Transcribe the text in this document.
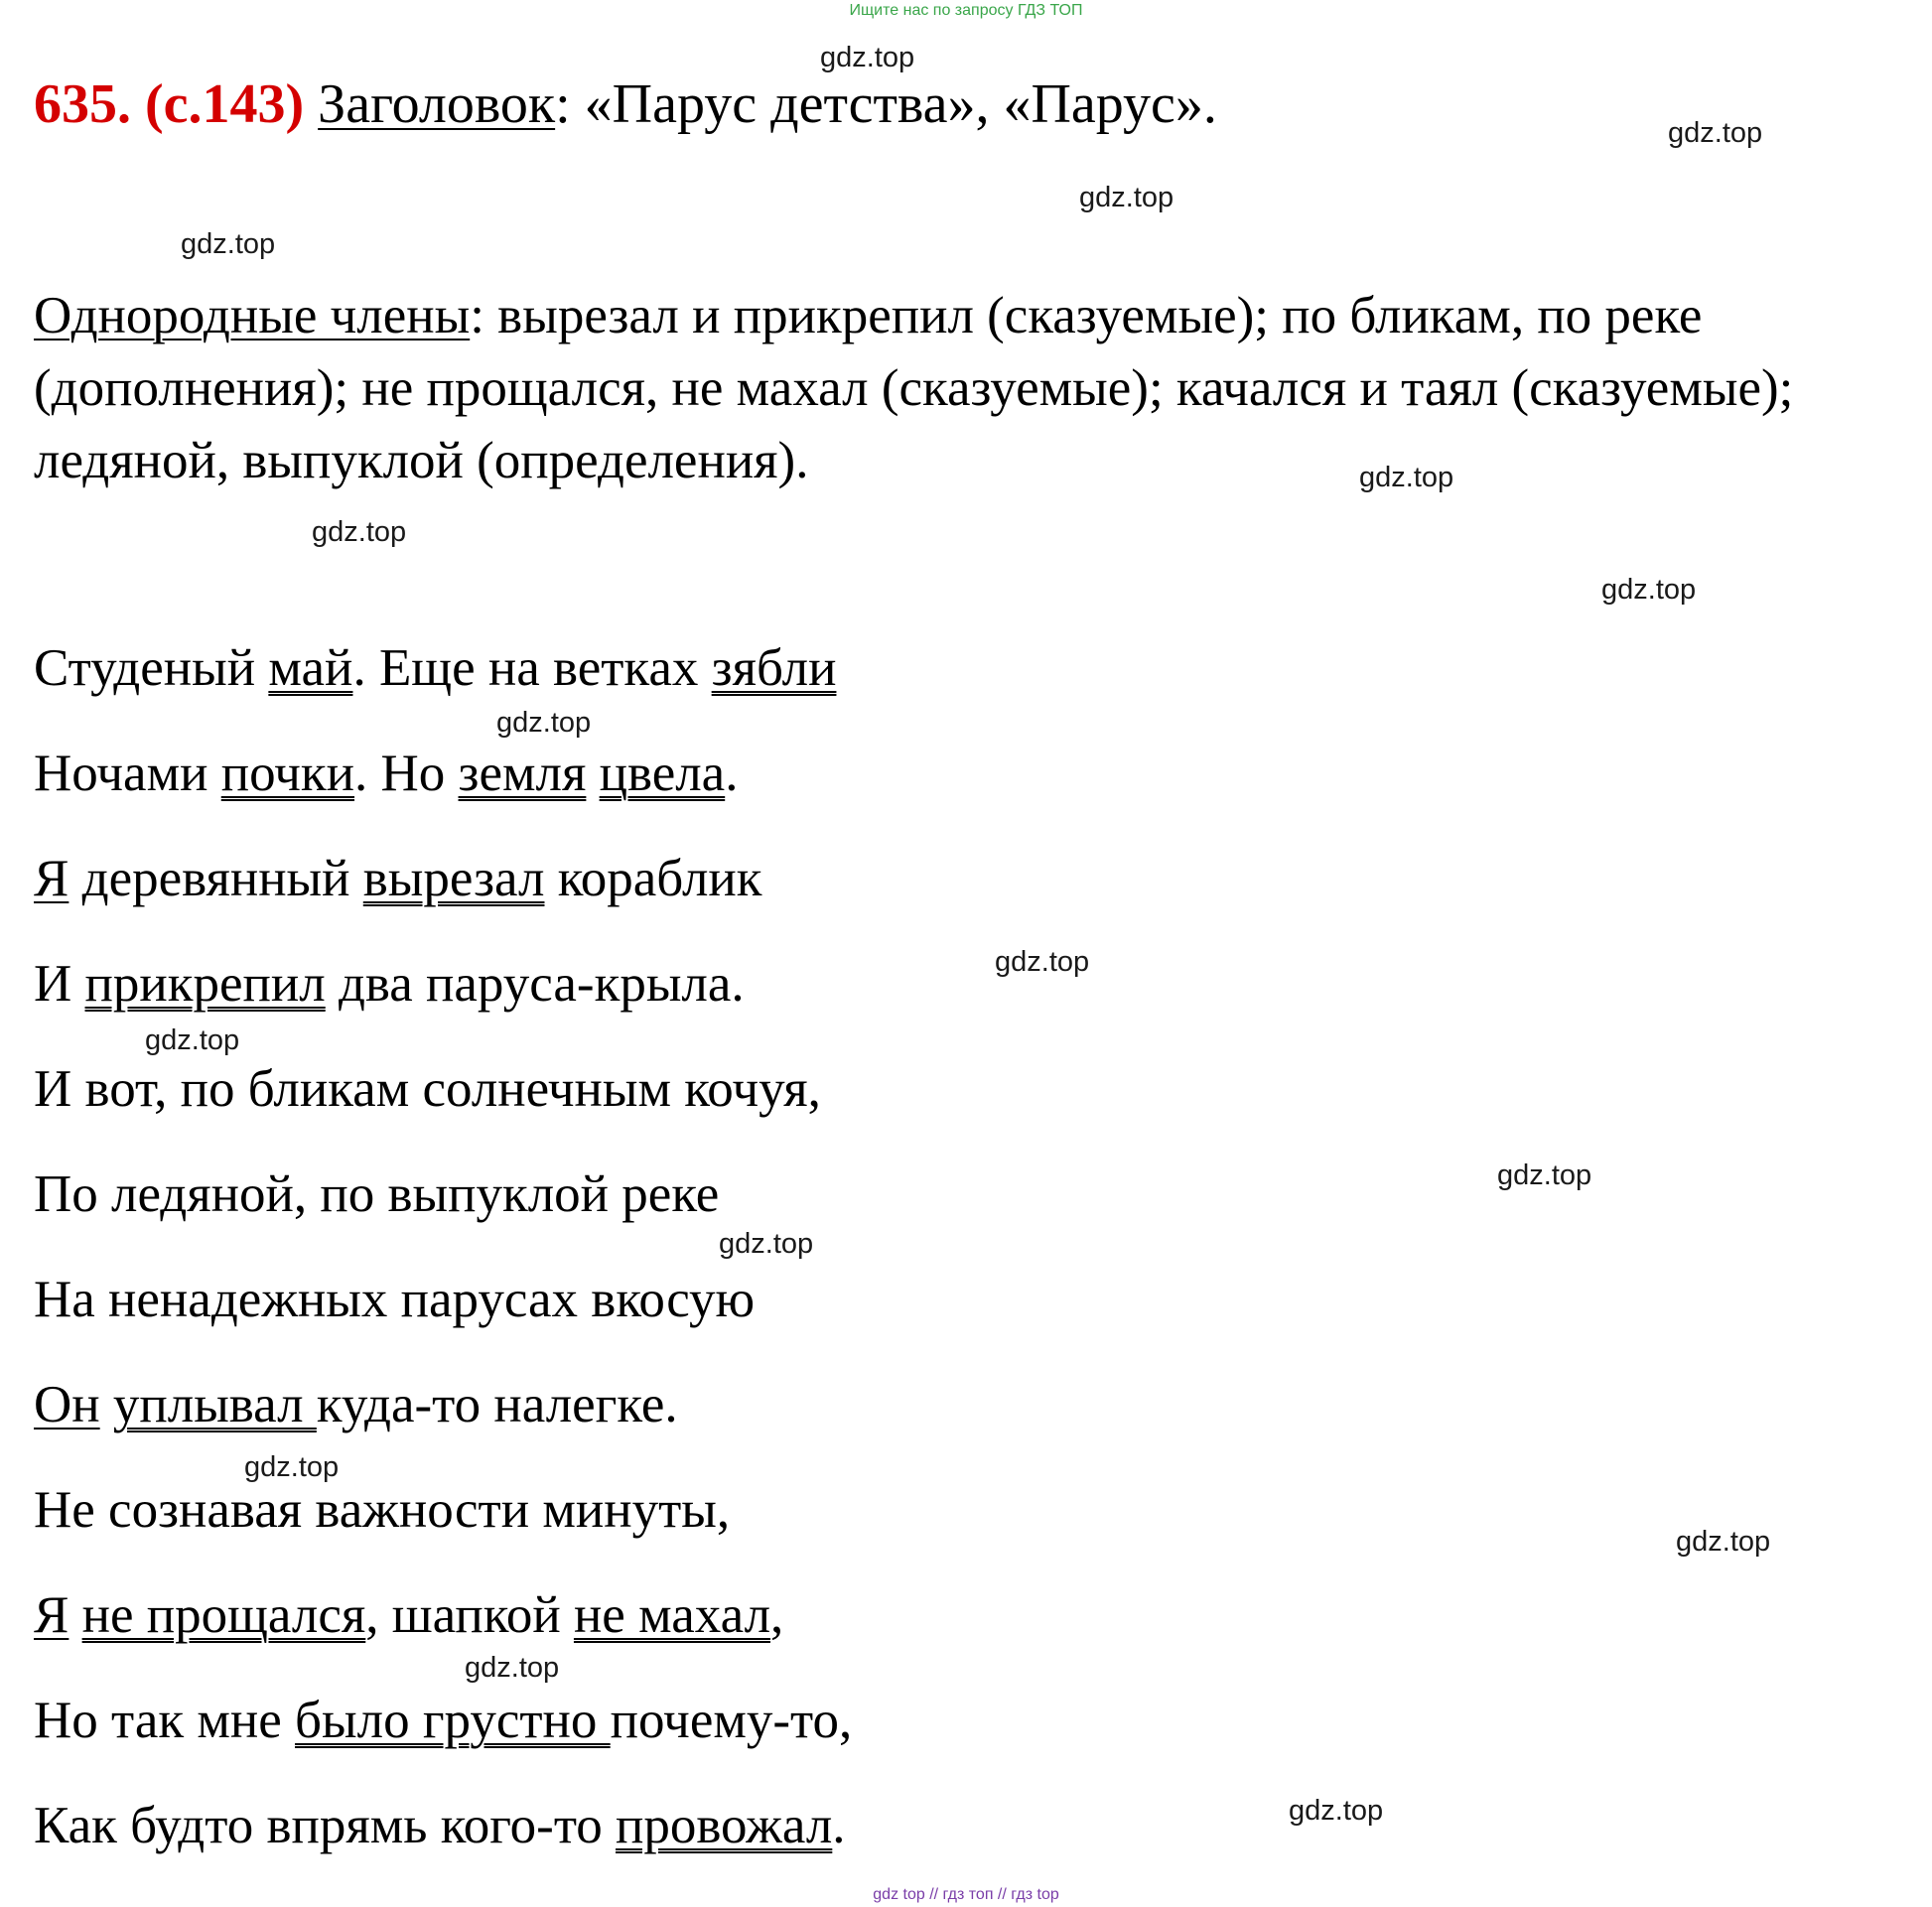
Ищите нас по запросу ГДЗ ТОП
gdz.top
gdz.top
gdz.top
gdz.top
gdz.top
gdz.top
gdz.top
gdz.top
gdz.top
gdz.top
gdz.top
gdz.top
gdz.top
gdz.top
gdz.top
gdz.top
635. (с.143) Заголовок: «Парус детства», «Парус».
Однородные члены: вырезал и прикрепил (сказуемые); по бликам, по реке (дополнения); не прощался, не махал (сказуемые); качался и таял (сказуемые); ледяной, выпуклой (определения).
Студеный май. Еще на ветках зябли
Ночами почки. Но земля цвела.
Я деревянный вырезал кораблик
И прикрепил два паруса-крыла.
И вот, по бликам солнечным кочуя,
По ледяной, по выпуклой реке
На ненадежных парусах вкосую
Он уплывал куда-то налегке.
Не сознавая важности минуты,
Я не прощался, шапкой не махал,
Но так мне было грустно почему-то,
Как будто впрямь кого-то провожал.
gdz top // гдз топ // гдз top
